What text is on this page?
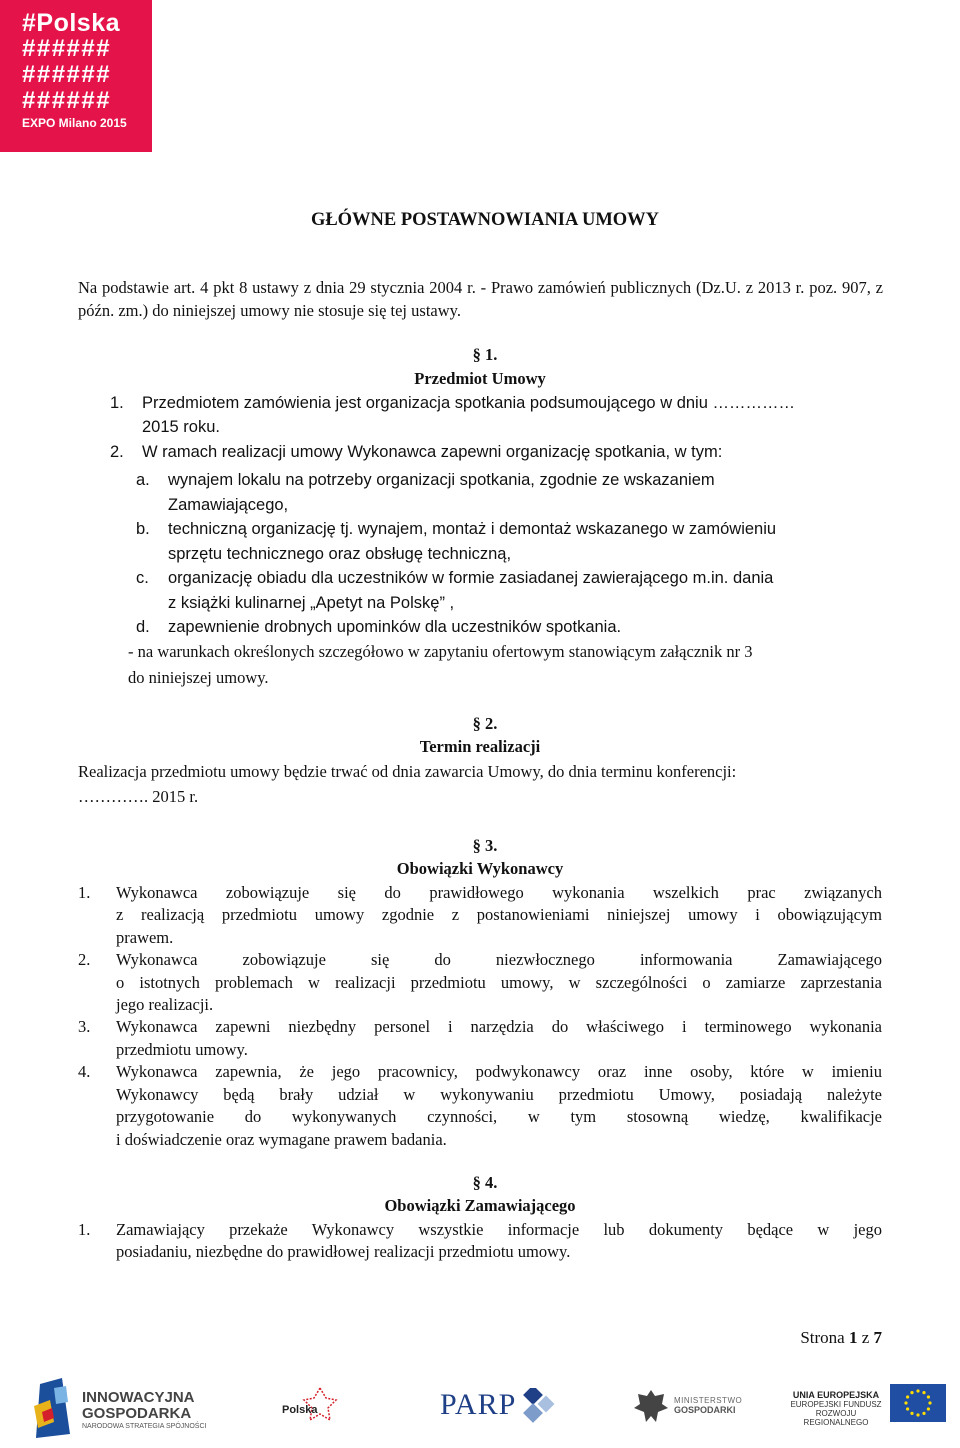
#Polska
######
######
######
EXPO Milano 2015
GŁÓWNE POSTAWNOWIANIA UMOWY

Na podstawie art. 4 pkt 8 ustawy z dnia 29 stycznia 2004 r. - Prawo zamówień publicznych (Dz.U. z 2013 r. poz. 907, z późn. zm.) do niniejszej umowy nie stosuje się tej ustawy.

§ 1.
Przedmiot Umowy
1. Przedmiotem zamówienia jest organizacja spotkania podsumoującego w dniu ……………
2015 roku.
2. W ramach realizacji umowy Wykonawca zapewni organizację spotkania, w tym:
a. wynajem lokalu na potrzeby organizacji spotkania, zgodnie ze wskazaniem
Zamawiającego,
b. techniczną organizację tj. wynajem, montaż i demontaż wskazanego w zamówieniu
sprzętu technicznego oraz obsługę techniczną,
c. organizację obiadu dla uczestników w formie zasiadanej zawierającego m.in. dania
z książki kulinarnej „Apetyt na Polskę” ,
d. zapewnienie drobnych upominków dla uczestników spotkania.
- na warunkach określonych szczegółowo w zapytaniu ofertowym stanowiącym załącznik nr 3
do niniejszej umowy.
§ 2.
Termin realizacji
Realizacja przedmiotu umowy będzie trwać od dnia zawarcia Umowy, do dnia terminu konferencji:
…………. 2015 r.
§ 3.
Obowiązki Wykonawcy
1. Wykonawca zobowiązuje się do prawidłowego wykonania wszelkich prac związanych
z realizacją przedmiotu umowy zgodnie z postanowieniami niniejszej umowy i obowiązującym
prawem.
2. Wykonawca zobowiązuje się do niezwłocznego informowania Zamawiającego
o istotnych problemach w realizacji przedmiotu umowy, w szczególności o zamiarze zaprzestania
jego realizacji.
3. Wykonawca zapewni niezbędny personel i narzędzia do właściwego i terminowego wykonania
przedmiotu umowy.
4. Wykonawca zapewnia, że jego pracownicy, podwykonawcy oraz inne osoby, które w imieniu
Wykonawcy będą brały udział w wykonywaniu przedmiotu Umowy, posiadają należyte
przygotowanie do wykonywanych czynności, w tym stosowną wiedzę, kwalifikacje
i doświadczenie oraz wymagane prawem badania.
§ 4.
Obowiązki Zamawiającego
1. Zamawiający przekaże Wykonawcy wszystkie informacje lub dokumenty będące w jego
posiadaniu, niezbędne do prawidłowej realizacji przedmiotu umowy.
Strona 1 z 7
INNOWACYJNA
GOSPODARKA
NARODOWA STRATEGIA SPÓJNOŚCI
Polska	PARP	MINISTERSTWO
GOSPODARKI
UNIA EUROPEJSKA
EUROPEJSKI FUNDUSZ
ROZWOJU REGIONALNEGO
